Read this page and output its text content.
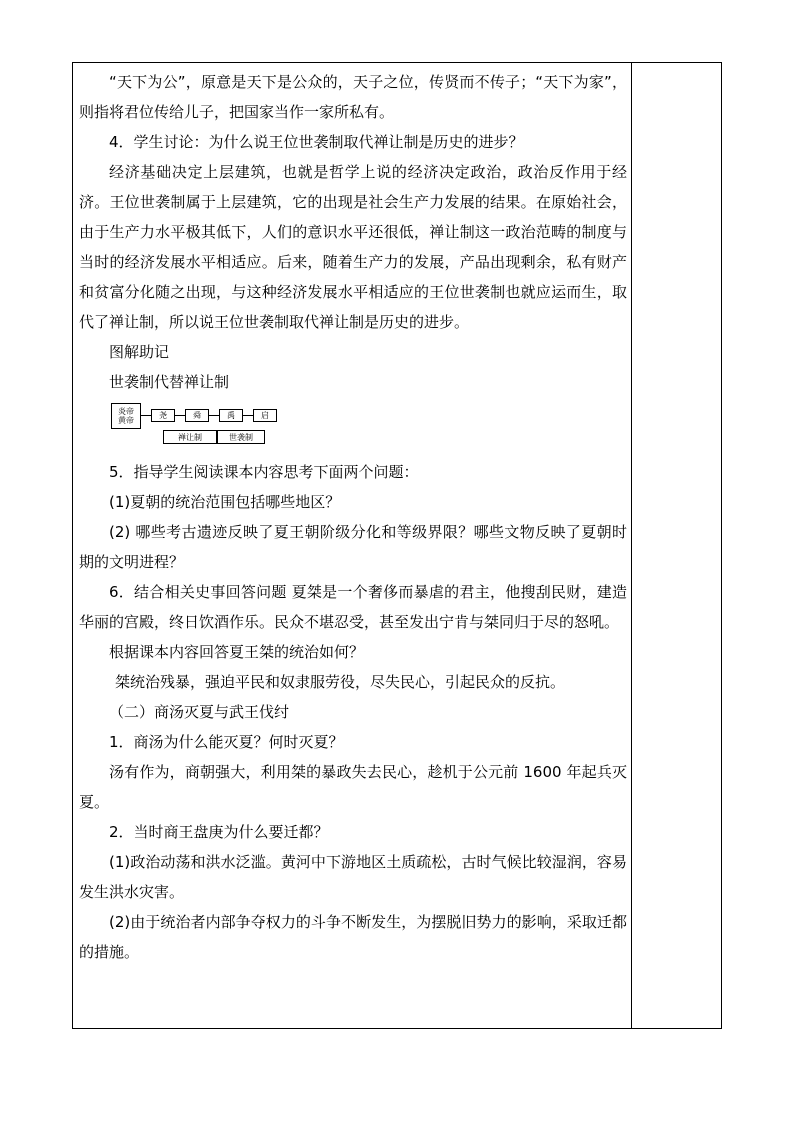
“天下为公”，原意是天下是公众的，天子之位，传贤而不传子；“天下为家”，则指将君位传给儿子，把国家当作一家所私有。

4．学生讨论：为什么说王位世袭制取代禅让制是历史的进步？

经济基础决定上层建筑，也就是哲学上说的经济决定政治，政治反作用于经济。王位世袭制属于上层建筑，它的出现是社会生产力发展的结果。在原始社会，由于生产力水平极其低下，人们的意识水平还很低，禅让制这一政治范畴的制度与当时的经济发展水平相适应。后来，随着生产力的发展，产品出现剩余，私有财产和贫富分化随之出现，与这种经济发展水平相适应的王位世袭制也就应运而生，取代了禅让制，所以说王位世袭制取代禅让制是历史的进步。

图解助记

世袭制代替禅让制

炎帝
黄帝
尧	舜	禹	启
禅让制	世袭制

5．指导学生阅读课本内容思考下面两个问题：

(1)夏朝的统治范围包括哪些地区？

(2) 哪些考古遗迹反映了夏王朝阶级分化和等级界限？哪些文物反映了夏朝时期的文明进程？

6．结合相关史事回答问题 夏桀是一个奢侈而暴虐的君主，他搜刮民财，建造华丽的宫殿，终日饮酒作乐。民众不堪忍受，甚至发出宁肯与桀同归于尽的怒吼。

根据课本内容回答夏王桀的统治如何？

桀统治残暴，强迫平民和奴隶服劳役，尽失民心，引起民众的反抗。

（二）商汤灭夏与武王伐纣

1．商汤为什么能灭夏？何时灭夏？

汤有作为，商朝强大，利用桀的暴政失去民心，趁机于公元前 1600 年起兵灭夏。

2．当时商王盘庚为什么要迁都？

(1)政治动荡和洪水泛滥。黄河中下游地区土质疏松，古时气候比较湿润，容易发生洪水灾害。

(2)由于统治者内部争夺权力的斗争不断发生，为摆脱旧势力的影响，采取迁都的措施。
